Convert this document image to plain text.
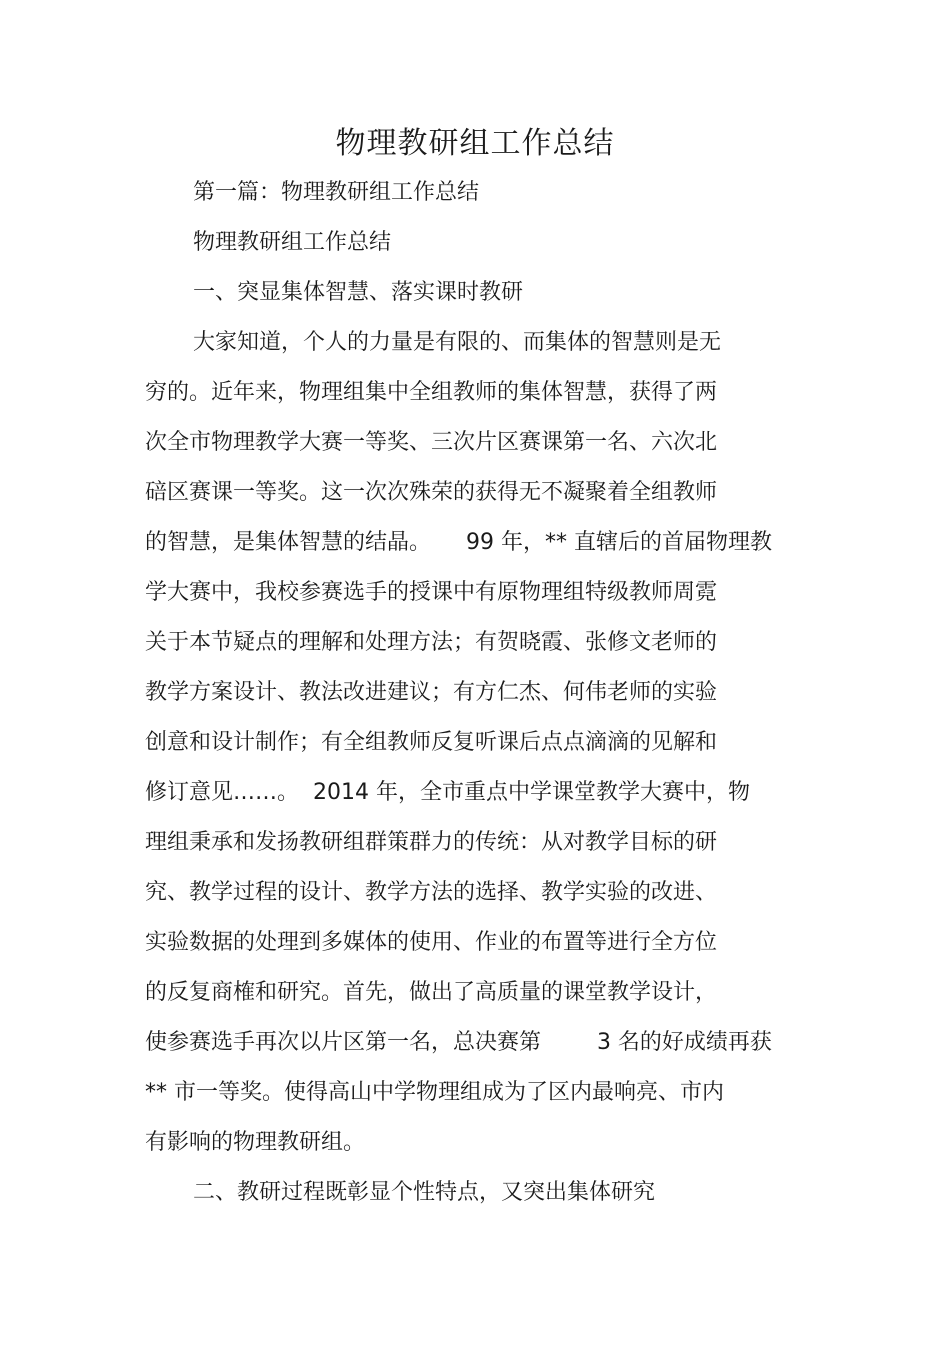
物理教研组工作总结
第一篇：物理教研组工作总结
物理教研组工作总结
一、突显集体智慧、落实课时教研
大家知道，个人的力量是有限的、而集体的智慧则是无
穷的。近年来，物理组集中全组教师的集体智慧，获得了两
次全市物理教学大赛一等奖、三次片区赛课第一名、六次北
碚区赛课一等奖。这一次次殊荣的获得无不凝聚着全组教师
的智慧，是集体智慧的结晶。     99 年，** 直辖后的首届物理教
学大赛中，我校参赛选手的授课中有原物理组特级教师周霓
关于本节疑点的理解和处理方法；有贺晓霞、张修文老师的
教学方案设计、教法改进建议；有方仁杰、何伟老师的实验
创意和设计制作；有全组教师反复听课后点点滴滴的见解和
修订意见……。  2014 年，全市重点中学课堂教学大赛中，物
理组秉承和发扬教研组群策群力的传统：从对教学目标的研
究、教学过程的设计、教学方法的选择、教学实验的改进、
实验数据的处理到多媒体的使用、作业的布置等进行全方位
的反复商榷和研究。首先，做出了高质量的课堂教学设计，
使参赛选手再次以片区第一名，总决赛第        3 名的好成绩再获
** 市一等奖。使得高山中学物理组成为了区内最响亮、市内
有影响的物理教研组。
二、教研过程既彰显个性特点，又突出集体研究
